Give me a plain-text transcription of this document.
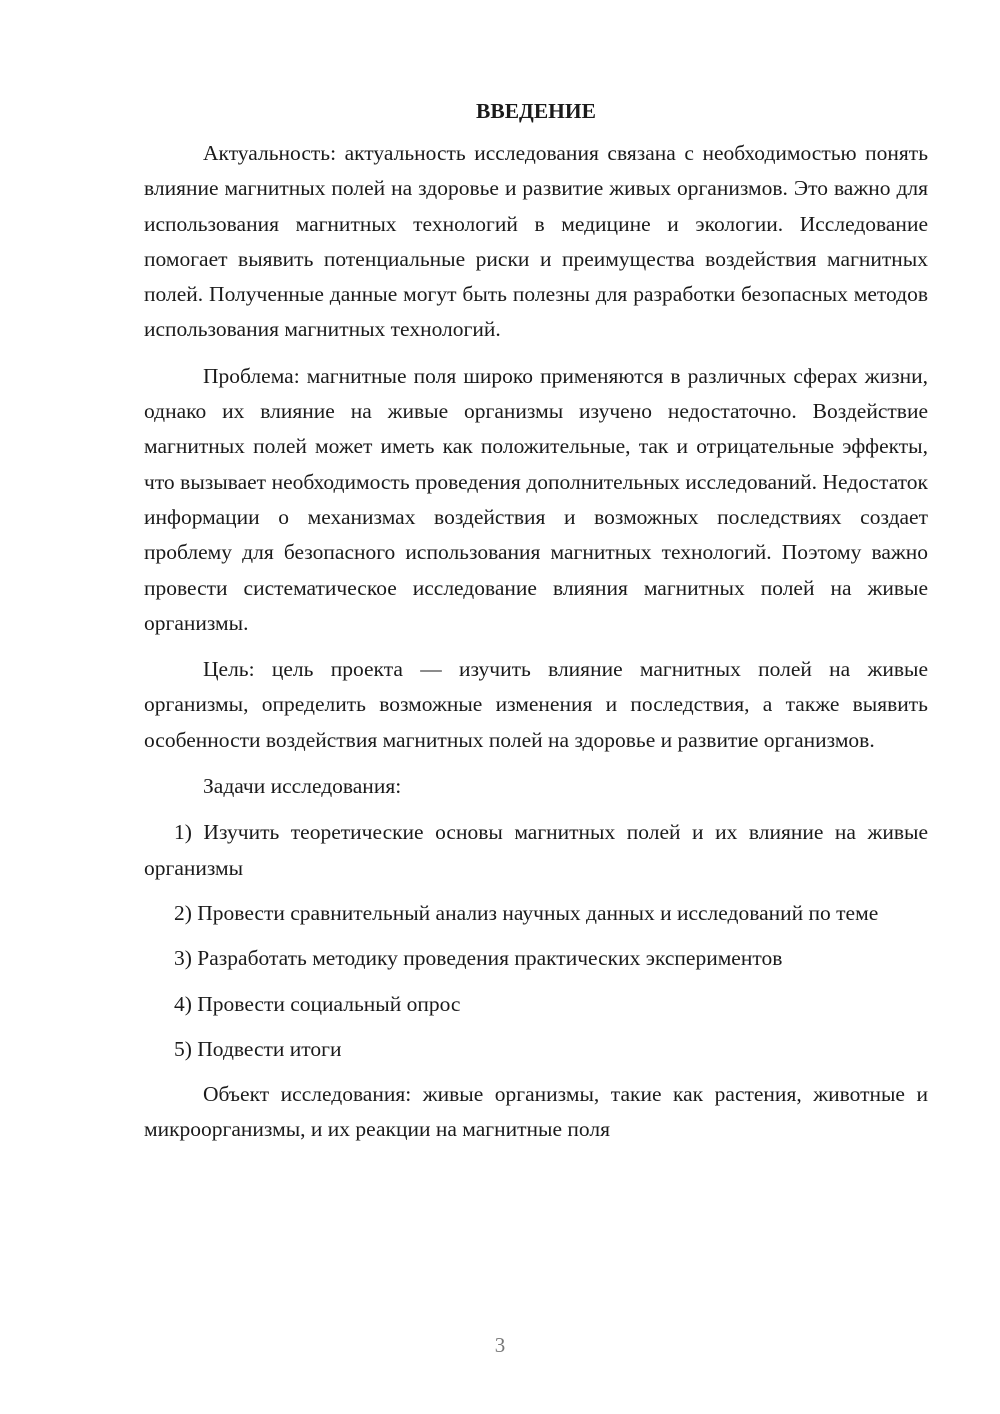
ВВЕДЕНИЕ

Актуальность: актуальность исследования связана с необходимостью понять влияние магнитных полей на здоровье и развитие живых организмов. Это важно для использования магнитных технологий в медицине и экологии. Исследование помогает выявить потенциальные риски и преимущества воздействия магнитных полей. Полученные данные могут быть полезны для разработки безопасных методов использования магнитных технологий.

Проблема: магнитные поля широко применяются в различных сферах жизни, однако их влияние на живые организмы изучено недостаточно. Воздействие магнитных полей может иметь как положительные, так и отрицательные эффекты, что вызывает необходимость проведения дополнительных исследований. Недостаток информации о механизмах воздействия и возможных последствиях создает проблему для безопасного использования магнитных технологий. Поэтому важно провести систематическое исследование влияния магнитных полей на живые организмы.

Цель: цель проекта — изучить влияние магнитных полей на живые организмы, определить возможные изменения и последствия, а также выявить особенности воздействия магнитных полей на здоровье и развитие организмов.

Задачи исследования:

1) Изучить теоретические основы магнитных полей и их влияние на живые организмы

2) Провести сравнительный анализ научных данных и исследований по теме

3) Разработать методику проведения практических экспериментов

4) Провести социальный опрос

5) Подвести итоги

Объект исследования: живые организмы, такие как растения, животные и микроорганизмы, и их реакции на магнитные поля

3
